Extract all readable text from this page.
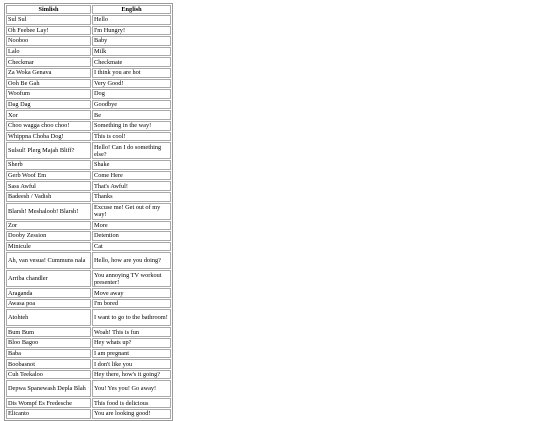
Simlish	English
Sul Sul	Hello
Oh Feebee Lay!	I'm Hungry!
Nooboo	Baby
Lalo	Milk
Checkmar	Checkmate
Za Woka Genava	I think you are hot
Ooh Be Gah	Very Good!
Woofum	Dog
Dag Dag	Goodbye
Xor	Be
Choo wagga choo choo!	Something in the way!
Whippna Choba Dog!	This is cool!
Sulsul! Plerg Majah Bliff?	Hello! Can I do something else?
Sherb	Shake
Gerb Woof Em	Come Here
Sass Awful	That's Awful!
Badeesh / Vadish	Thanks
Blarsh! Meshaloob! Blarsh!	Excuse me! Get out of my way!
Zor	More
Dooby Zession	Detention
Minicule	Cat
Ah, van vesua! Cummuns nala	Hello, how are you doing?
Arriba chandler	You annoying TV workout presenter!
Araganda	Move away
Awasa poa	I'm bored
Atohteh	I want to go to the bathroom!
Bum Bum	Woah! This is fun
Bloo Bagoo	Hey whats up?
Baba	I am pregnant
Boobasnot	I don't like you
Cuh Teekaloo	Hey there, how's it going?
Depwa Spanewash Depla Blah	You! Yes you! Go away!
Dis Wompf Es Fredesche	This food is delicious
Elicanto	You are looking good!
